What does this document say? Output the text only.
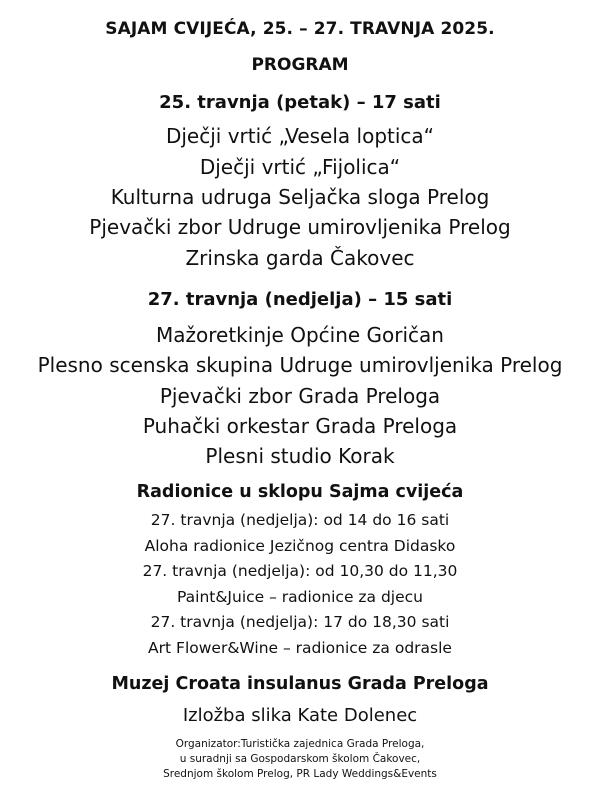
SAJAM CVIJEĆA, 25. – 27. TRAVNJA 2025.
PROGRAM
25. travnja (petak) – 17 sati
Dječji vrtić „Vesela loptica“
Dječji vrtić „Fijolica“
Kulturna udruga Seljačka sloga Prelog
Pjevački zbor Udruge umirovljenika Prelog
Zrinska garda Čakovec
27. travnja (nedjelja) – 15 sati
Mažoretkinje Općine Goričan
Plesno scenska skupina Udruge umirovljenika Prelog
Pjevački zbor Grada Preloga
Puhački orkestar Grada Preloga
Plesni studio Korak
Radionice u sklopu Sajma cvijeća
27. travnja (nedjelja): od 14 do 16 sati
Aloha radionice Jezičnog centra Didasko
27. travnja (nedjelja): od 10,30 do 11,30
Paint&Juice – radionice za djecu
27. travnja (nedjelja): 17 do 18,30 sati
Art Flower&Wine – radionice za odrasle
Muzej Croata insulanus Grada Preloga
Izložba slika Kate Dolenec
Organizator:Turistička zajednica Grada Preloga,
u suradnji sa Gospodarskom školom Čakovec,
Srednjom školom Prelog, PR Lady Weddings&Events
